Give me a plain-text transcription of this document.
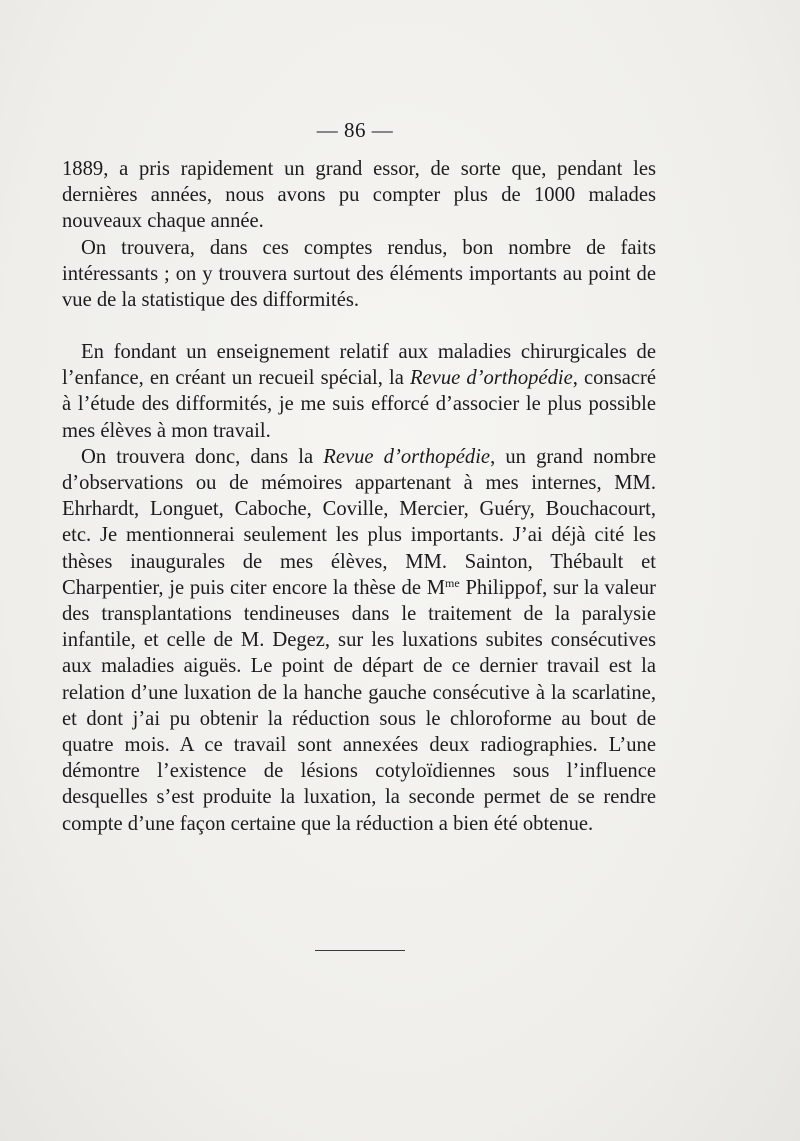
— 86 —

1889, a pris rapidement un grand essor, de sorte que, pendant les dernières années, nous avons pu compter plus de 1000 malades nouveaux chaque année.

On trouvera, dans ces comptes rendus, bon nombre de faits intéressants ; on y trouvera surtout des éléments importants au point de vue de la statistique des difformités.

En fondant un enseignement relatif aux maladies chirurgicales de l’enfance, en créant un recueil spécial, la Revue d’orthopédie, consacré à l’étude des difformités, je me suis efforcé d’associer le plus possible mes élèves à mon travail.

On trouvera donc, dans la Revue d’orthopédie, un grand nombre d’observations ou de mémoires appartenant à mes internes, MM. Ehrhardt, Longuet, Caboche, Coville, Mercier, Guéry, Bouchacourt, etc. Je mentionnerai seulement les plus importants. J’ai déjà cité les thèses inaugurales de mes élèves, MM. Sainton, Thébault et Charpentier, je puis citer encore la thèse de $M^{me}$ Philippof, sur la valeur des transplantations tendineuses dans le traitement de la paralysie infantile, et celle de M. Degez, sur les luxations subites consécutives aux maladies aiguës. Le point de départ de ce dernier travail est la relation d’une luxation de la hanche gauche consécutive à la scarlatine, et dont j’ai pu obtenir la réduction sous le chloroforme au bout de quatre mois. A ce travail sont annexées deux radiographies. L’une démontre l’existence de lésions cotyloïdiennes sous l’influence desquelles s’est produite la luxation, la seconde permet de se rendre compte d’une façon certaine que la réduction a bien été obtenue.
